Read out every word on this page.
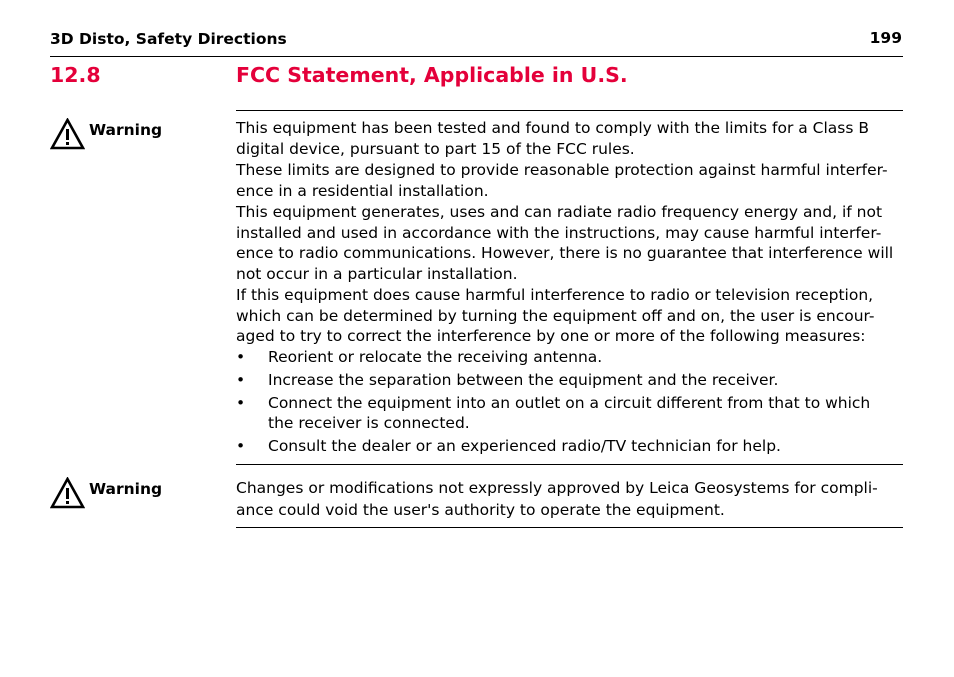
3D Disto, Safety Directions	199
12.8	FCC Statement, Applicable in U.S.
Warning	This equipment has been tested and found to comply with the limits for a Class B
digital device, pursuant to part 15 of the FCC rules.

These limits are designed to provide reasonable protection against harmful interfer-
ence in a residential installation.

This equipment generates, uses and can radiate radio frequency energy and, if not
installed and used in accordance with the instructions, may cause harmful interfer-
ence to radio communications. However, there is no guarantee that interference will
not occur in a particular installation.

If this equipment does cause harmful interference to radio or television reception,
which can be determined by turning the equipment off and on, the user is encour-
aged to try to correct the interference by one or more of the following measures:

• Reorient or relocate the receiving antenna.
• Increase the separation between the equipment and the receiver.
• Connect the equipment into an outlet on a circuit different from that to which
the receiver is connected.
• Consult the dealer or an experienced radio/TV technician for help.
Warning	Changes or modifications not expressly approved by Leica Geosystems for compli-
ance could void the user's authority to operate the equipment.
